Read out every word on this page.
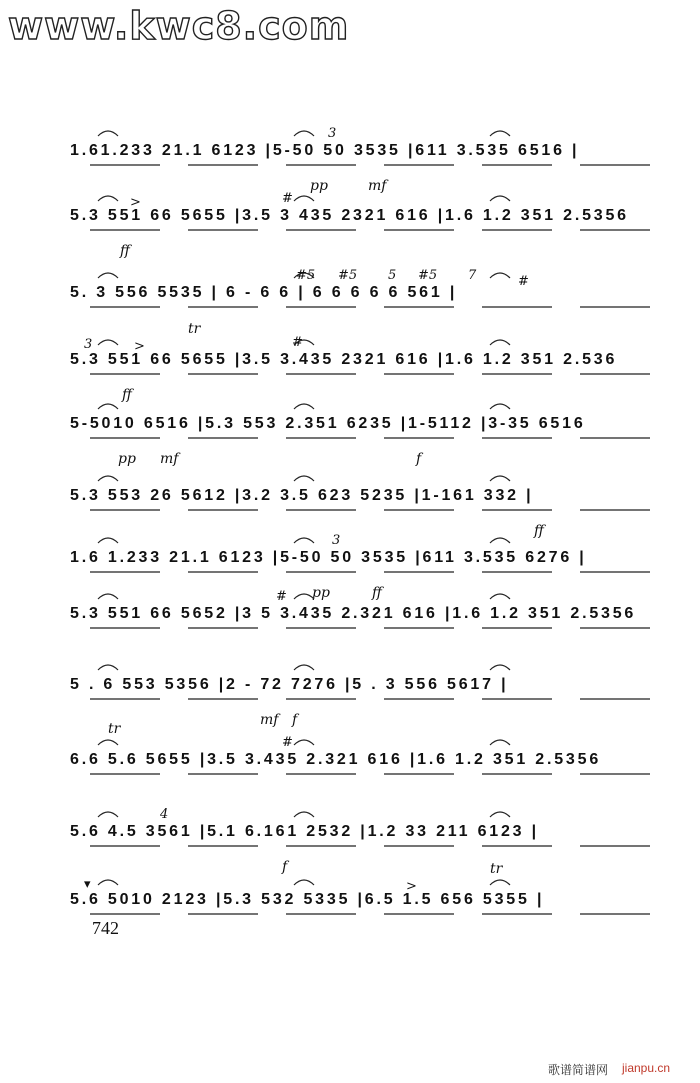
www.kwc8.com
1.61.233 21.1 6123 |5-50 50 3535 |611 3.535 6516 |
pp	mf
3
5.3 551 66 5655 |3.5 3 435 2321 616 |1.6 1.2 351 2.5356
ff
>	#
5. 3 556 5535 | 6 - 6 6 | 6 6 6 6 6 561 |
#5 #5 5 #5 7	#
5.3 551 66 5655 |3.5 3.435 2321 616 |1.6 1.2 351 2.536
tr
ff
3	>	#
5-5010 6516 |5.3 553 2.351 6235 |1-5112 |3-35 6516
pp mf	f
5.3 553 26 5612 |3.2 3.5 623 5235 |1-161 332 |
ff
1.6 1.233 21.1 6123 |5-50 50 3535 |611 3.535 6276 |
pp	ff
3
5.3 551 66 5652 |3 5 3.435 2.321 616 |1.6 1.2 351 2.5356
#
5 . 6 553 5356 |2 - 72 7276 |5 . 3 556 5617 |
mf f
6.6 5.6 5655 |3.5 3.435 2.321 616 |1.6 1.2 351 2.5356
tr
#
5.6 4.5 3561 |5.1 6.161 2532 |1.2 33 211 6123 |
f
4
5.6 5010 2123 |5.3 532 5335 |6.5 1.5 656 5355 |
tr
▾	>
742
歌谱简谱网 jianpu.cn
